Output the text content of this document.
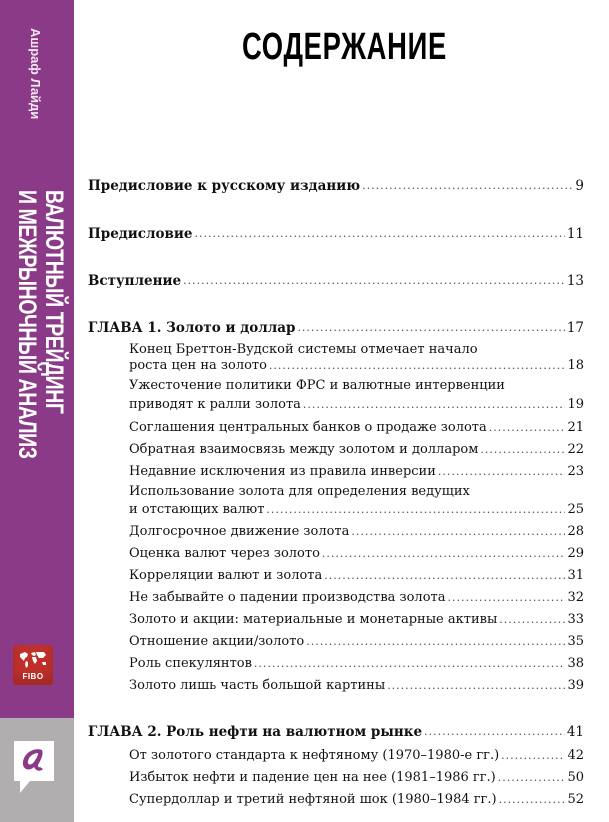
Ашраф Лайди
ВАЛЮТНЫЙ ТРЕЙДИНГ
И МЕЖРЫНОЧНЫЙ АНАЛИЗ
FIBO
СОДЕРЖАНИЕ
Предисловие к русскому изданию .....	9
Предисловие .....	11
Вступление .....	13
ГЛАВА 1. Золото и доллар .....	17
Конец Бреттон-Вудской системы отмечает начало
роста цен на золото .....	18
Ужесточение политики ФРС и валютные интервенции
приводят к ралли золота .....	19
Соглашения центральных банков о продаже золота .....	21
Обратная взаимосвязь между золотом и долларом .....	22
Недавние исключения из правила инверсии .....	23
Использование золота для определения ведущих
и отстающих валют .....	25
Долгосрочное движение золота .....	28
Оценка валют через золото .....	29
Корреляции валют и золота .....	31
Не забывайте о падении производства золота .....	32
Золото и акции: материальные и монетарные активы .....	33
Отношение акции/золото .....	35
Роль спекулянтов .....	38
Золото лишь часть большой картины .....	39
ГЛАВА 2. Роль нефти на валютном рынке .....	41
От золотого стандарта к нефтяному (1970–1980-е гг.) .....	42
Избыток нефти и падение цен на нее (1981–1986 гг.) .....	50
Супердоллар и третий нефтяной шок (1980–1984 гг.) .....	52
